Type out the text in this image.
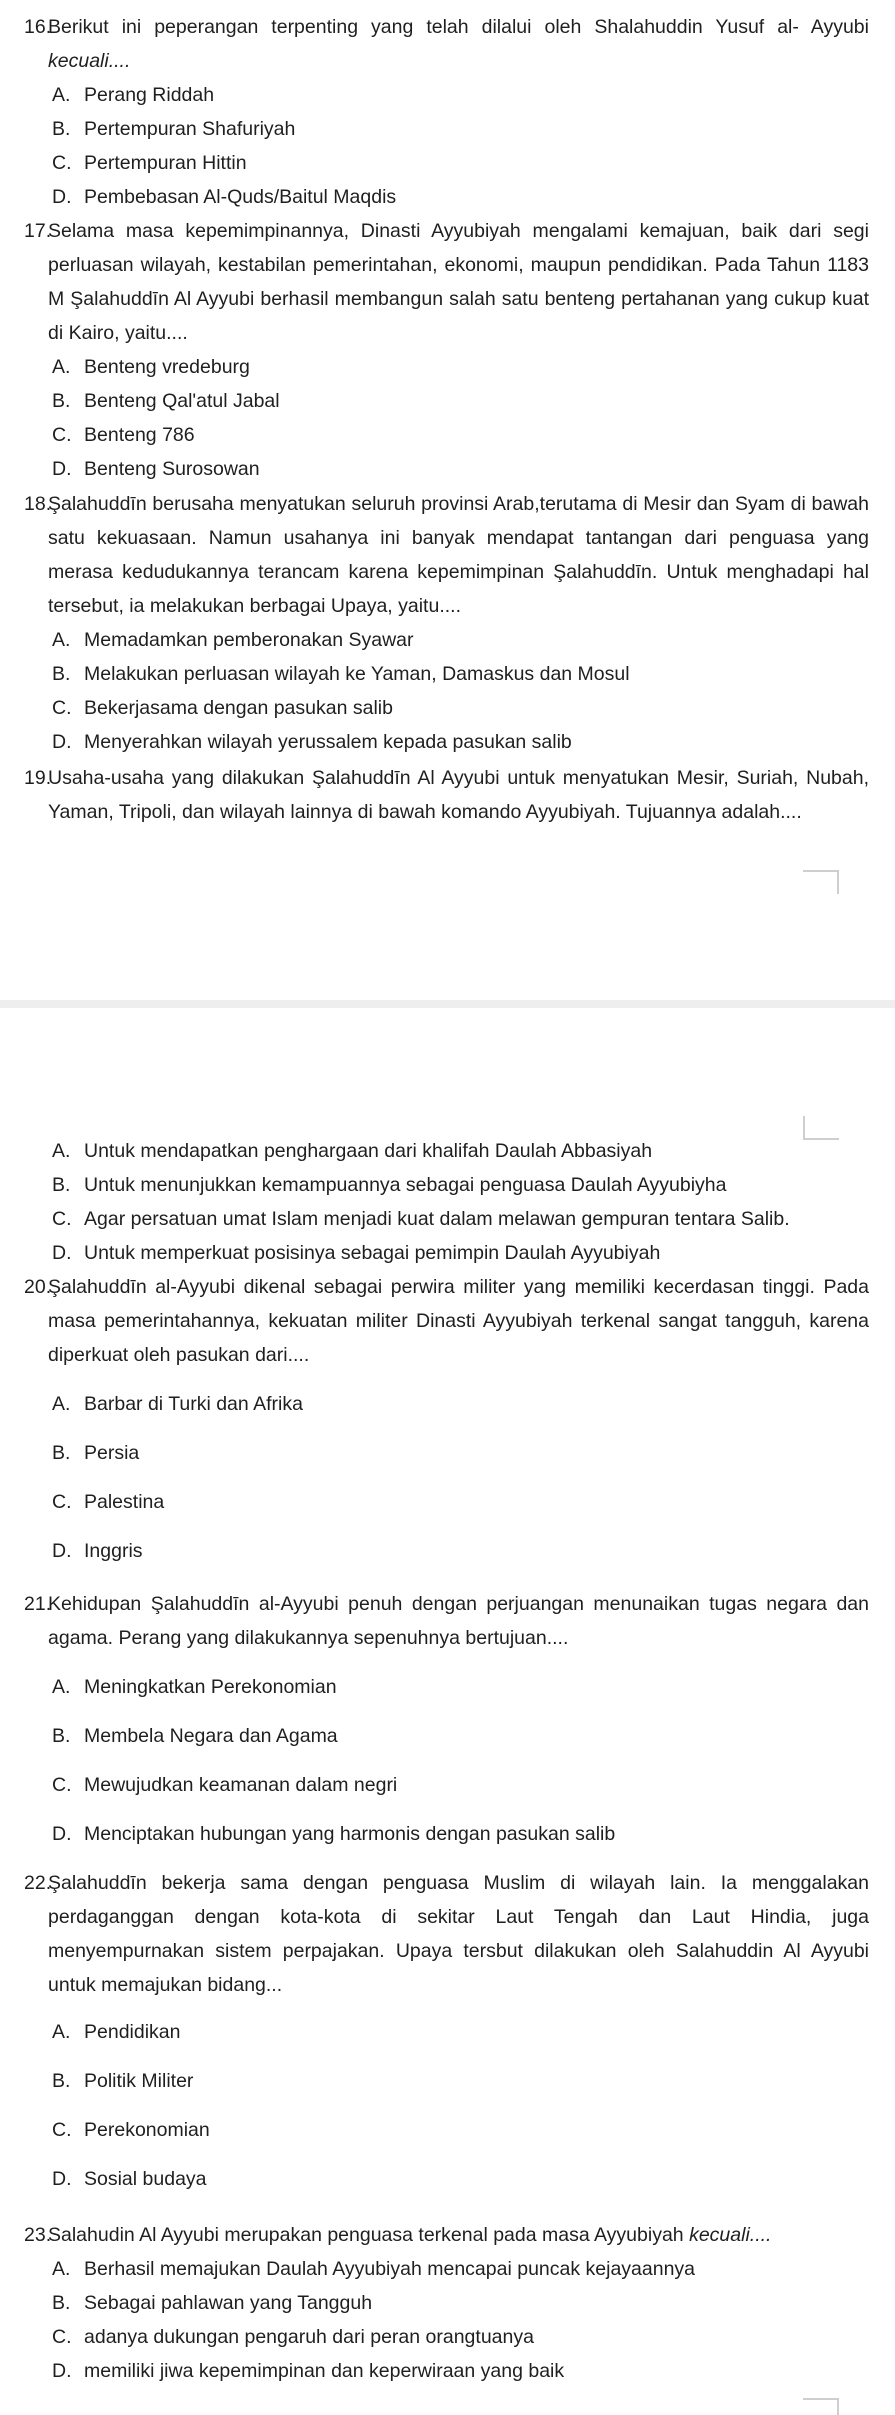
16.Berikut ini peperangan terpenting yang telah dilalui oleh Shalahuddin Yusuf al- Ayyubi kecuali....

A. Perang Riddah
B. Pertempuran Shafuriyah
C. Pertempuran Hittin
D. Pembebasan Al-Quds/Baitul Maqdis

17.Selama masa kepemimpinannya, Dinasti Ayyubiyah mengalami kemajuan, baik dari segi perluasan wilayah, kestabilan pemerintahan, ekonomi, maupun pendidikan. Pada Tahun 1183 M Şalahuddīn Al Ayyubi berhasil membangun salah satu benteng pertahanan yang cukup kuat di Kairo, yaitu....

A. Benteng vredeburg
B. Benteng Qal'atul Jabal
C. Benteng 786
D. Benteng Surosowan

18.Şalahuddīn berusaha menyatukan seluruh provinsi Arab,terutama di Mesir dan Syam di bawah satu kekuasaan. Namun usahanya ini banyak mendapat tantangan dari penguasa yang merasa kedudukannya terancam karena kepemimpinan Şalahuddīn. Untuk menghadapi hal tersebut, ia melakukan berbagai Upaya, yaitu....

A. Memadamkan pemberonakan Syawar
B. Melakukan perluasan wilayah ke Yaman, Damaskus dan Mosul
C. Bekerjasama dengan pasukan salib
D. Menyerahkan wilayah yerussalem kepada pasukan salib

19.Usaha-usaha yang dilakukan Şalahuddīn Al Ayyubi untuk menyatukan Mesir, Suriah, Nubah, Yaman, Tripoli, dan wilayah lainnya di bawah komando Ayyubiyah. Tujuannya adalah....

A. Untuk mendapatkan penghargaan dari khalifah Daulah Abbasiyah
B. Untuk menunjukkan kemampuannya sebagai penguasa Daulah Ayyubiyha
C. Agar persatuan umat Islam menjadi kuat dalam melawan gempuran tentara Salib.
D. Untuk memperkuat posisinya sebagai pemimpin Daulah Ayyubiyah

20.Şalahuddīn al-Ayyubi dikenal sebagai perwira militer yang memiliki kecerdasan tinggi. Pada masa pemerintahannya, kekuatan militer Dinasti Ayyubiyah terkenal sangat tangguh, karena diperkuat oleh pasukan dari....

A. Barbar di Turki dan Afrika
B. Persia
C. Palestina
D. Inggris

21.Kehidupan Şalahuddīn al-Ayyubi penuh dengan perjuangan menunaikan tugas negara dan agama. Perang yang dilakukannya sepenuhnya bertujuan....

A. Meningkatkan Perekonomian
B. Membela Negara dan Agama
C. Mewujudkan keamanan dalam negri
D. Menciptakan hubungan yang harmonis dengan pasukan salib

22.Şalahuddīn bekerja sama dengan penguasa Muslim di wilayah lain. Ia menggalakan perdaganggan dengan kota-kota di sekitar Laut Tengah dan Laut Hindia, juga menyempurnakan sistem perpajakan. Upaya tersbut dilakukan oleh Salahuddin Al Ayyubi untuk memajukan bidang...

A. Pendidikan
B. Politik Militer
C. Perekonomian
D. Sosial budaya

23.Salahudin Al Ayyubi merupakan penguasa terkenal pada masa Ayyubiyah kecuali....

A. Berhasil memajukan Daulah Ayyubiyah mencapai puncak kejayaannya
B. Sebagai pahlawan yang Tangguh
C. adanya dukungan pengaruh dari peran orangtuanya
D. memiliki jiwa kepemimpinan dan keperwiraan yang baik
